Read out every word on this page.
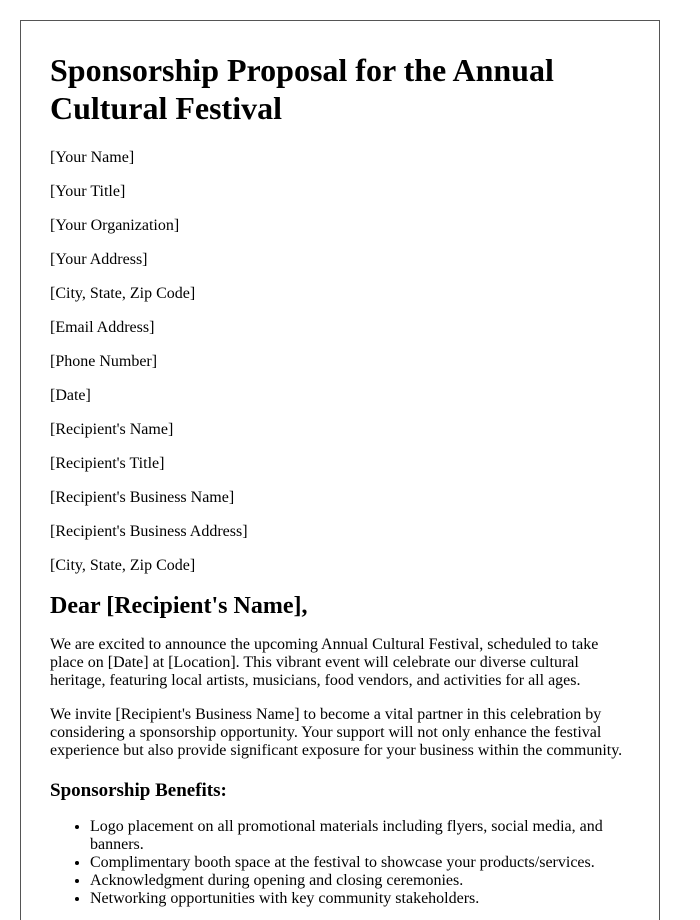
Sponsorship Proposal for the Annual Cultural Festival
[Your Name]
[Your Title]
[Your Organization]
[Your Address]
[City, State, Zip Code]
[Email Address]
[Phone Number]
[Date]
[Recipient's Name]
[Recipient's Title]
[Recipient's Business Name]
[Recipient's Business Address]
[City, State, Zip Code]
Dear [Recipient's Name],

We are excited to announce the upcoming Annual Cultural Festival, scheduled to take place on [Date] at [Location]. This vibrant event will celebrate our diverse cultural heritage, featuring local artists, musicians, food vendors, and activities for all ages.

We invite [Recipient's Business Name] to become a vital partner in this celebration by considering a sponsorship opportunity. Your support will not only enhance the festival experience but also provide significant exposure for your business within the community.

Sponsorship Benefits:
• Logo placement on all promotional materials including flyers, social media, and banners.
• Complimentary booth space at the festival to showcase your products/services.
• Acknowledgment during opening and closing ceremonies.
• Networking opportunities with key community stakeholders.
